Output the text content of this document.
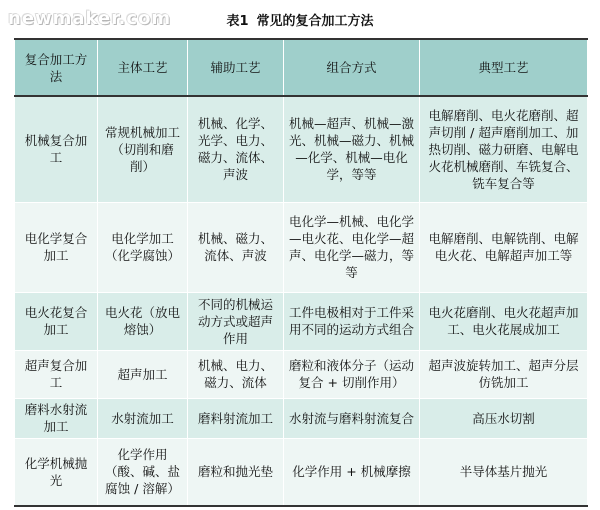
newmaker.com	表1 常见的复合加工方法
复合加工方法	主体工艺	辅助工艺	组合方式	典型工艺
机械复合加工	常规机械加工（切削和磨削）	机械、化学、光学、电力、磁力、流体、声波	机械—超声、机械—激光、机械—磁力、机械—化学、机械—电化学，等等	电解磨削、电火花磨削、超声切削 / 超声磨削加工、加热切削、磁力研磨、电解电火花机械磨削、车铣复合、铣车复合等
电化学复合加工	电化学加工（化学腐蚀）	机械、磁力、流体、声波	电化学—机械、电化学—电火花、电化学—超声、电化学—磁力，等等	电解磨削、电解铣削、电解电火花、电解超声加工等
电火花复合加工	电火花（放电熔蚀）	不同的机械运动方式或超声作用	工件电极相对于工件采用不同的运动方式组合	电火花磨削、电火花超声加工、电火花展成加工
超声复合加工	超声加工	机械、电力、磁力、流体	磨粒和液体分子（运动复合 + 切削作用）	超声波旋转加工、超声分层仿铣加工
磨料水射流加工	水射流加工	磨料射流加工	水射流与磨料射流复合	高压水切割
化学机械抛光	化学作用（酸、碱、盐腐蚀 / 溶解）	磨粒和抛光垫	化学作用 + 机械摩擦	半导体基片抛光
